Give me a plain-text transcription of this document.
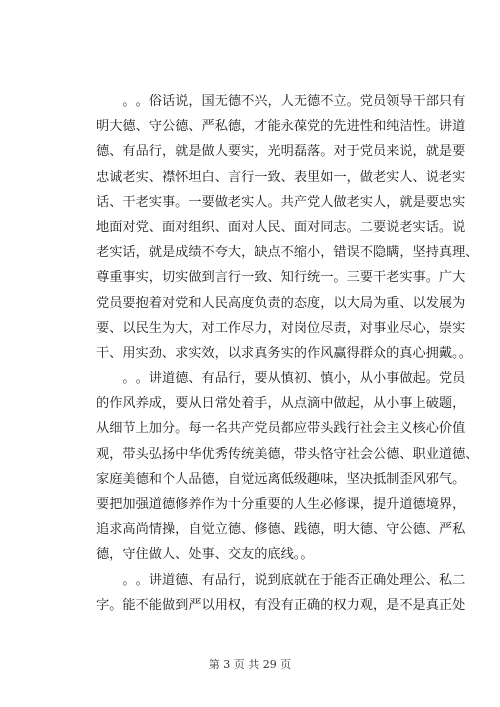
。 。 俗 话 说 ， 国 无 德 不 兴 ， 人 无 德 不 立 。 党 员 领 导 干 部 只 有
明 大 德 、 守 公 德 、 严 私 德 ， 才 能 永 葆 党 的 先 进 性 和 纯 洁 性 。 讲 道
德 、 有 品 行 ， 就 是 做 人 要 实 ， 光 明 磊 落 。 对 于 党 员 来 说 ， 就 是 要
忠 诚 老 实 、 襟 怀 坦 白 、 言 行 一 致 、 表 里 如 一 ， 做 老 实 人 、 说 老 实
话 、 干 老 实 事 。 一 要 做 老 实 人 。 共 产 党 人 做 老 实 人 ， 就 是 要 忠 实
地 面 对 党 、 面 对 组 织 、 面 对 人 民 、 面 对 同 志 。 二 要 说 老 实 话 。 说
老 实 话 ， 就 是 成 绩 不 夸 大 ， 缺 点 不 缩 小 ， 错 误 不 隐 瞒 ， 坚 持 真 理 、
尊 重 事 实 ， 切 实 做 到 言 行 一 致 、 知 行 统 一 。 三 要 干 老 实 事 。 广 大
党 员 要 抱 着 对 党 和 人 民 高 度 负 责 的 态 度 ， 以 大 局 为 重 、 以 发 展 为
要 、 以 民 生 为 大 ， 对 工 作 尽 力 ， 对 岗 位 尽 责 ， 对 事 业 尽 心 ， 崇 实
干、用实劲、求实效，以求真务实的作风赢得群众的真心拥戴。。

。 。 讲 道 德 、 有 品 行 ， 要 从 慎 初 、 慎 小 ， 从 小 事 做 起 。 党 员
的 作 风 养 成 ， 要 从 日 常 处 着 手 ， 从 点 滴 中 做 起 ， 从 小 事 上 破 题 ，
从 细 节 上 加 分 。 每 一 名 共 产 党 员 都 应 带 头 践 行 社 会 主 义 核 心 价 值
观 ， 带 头 弘 扬 中 华 优 秀 传 统 美 德 ， 带 头 恪 守 社 会 公 德 、 职 业 道 德 、
家 庭 美 德 和 个 人 品 德 ， 自 觉 远 离 低 级 趣 味 ， 坚 决 抵 制 歪 风 邪 气 。
要 把 加 强 道 德 修 养 作 为 十 分 重 要 的 人 生 必 修 课 ， 提 升 道 德 境 界 ，
追 求 高 尚 情 操 ， 自 觉 立 德 、 修 德 、 践 德 ， 明 大 德 、 守 公 德 、 严 私
德，守住做人、处事、交友的底线。。

。 。 讲 道 德 、 有 品 行 ， 说 到 底 就 在 于 能 否 正 确 处 理 公 、 私 二
字 。 能 不 能 做 到 严 以 用 权 ， 有 没 有 正 确 的 权 力 观 ， 是 不 是 真 正 处
第 3 页 共 29 页
